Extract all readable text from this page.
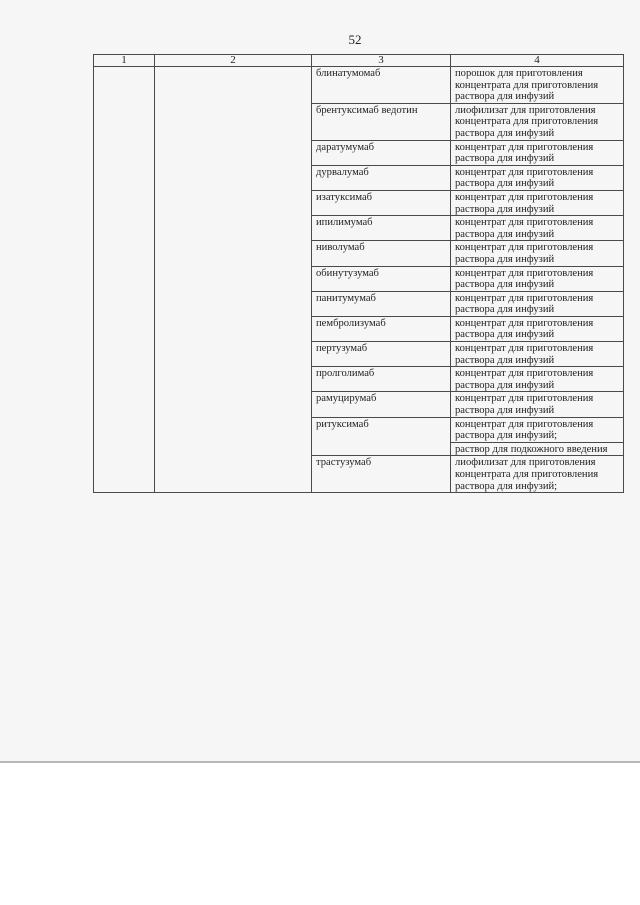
52
1	2	3	4
		блинатумомаб	порошок для приготовления концентрата для приготовления раствора для инфузий
		брентуксимаб ведотин	лиофилизат для приготовления концентрата для приготовления раствора для инфузий
		даратумумаб	концентрат для приготовления раствора для инфузий
		дурвалумаб	концентрат для приготовления раствора для инфузий
		изатуксимаб	концентрат для приготовления раствора для инфузий
		ипилимумаб	концентрат для приготовления раствора для инфузий
		ниволумаб	концентрат для приготовления раствора для инфузий
		обинутузумаб	концентрат для приготовления раствора для инфузий
		панитумумаб	концентрат для приготовления раствора для инфузий
		пембролизумаб	концентрат для приготовления раствора для инфузий
		пертузумаб	концентрат для приготовления раствора для инфузий
		пролголимаб	концентрат для приготовления раствора для инфузий
		рамуцирумаб	концентрат для приготовления раствора для инфузий
		ритуксимаб	концентрат для приготовления раствора для инфузий;
			раствор для подкожного введения
		трастузумаб	лиофилизат для приготовления концентрата для приготовления раствора для инфузий;
